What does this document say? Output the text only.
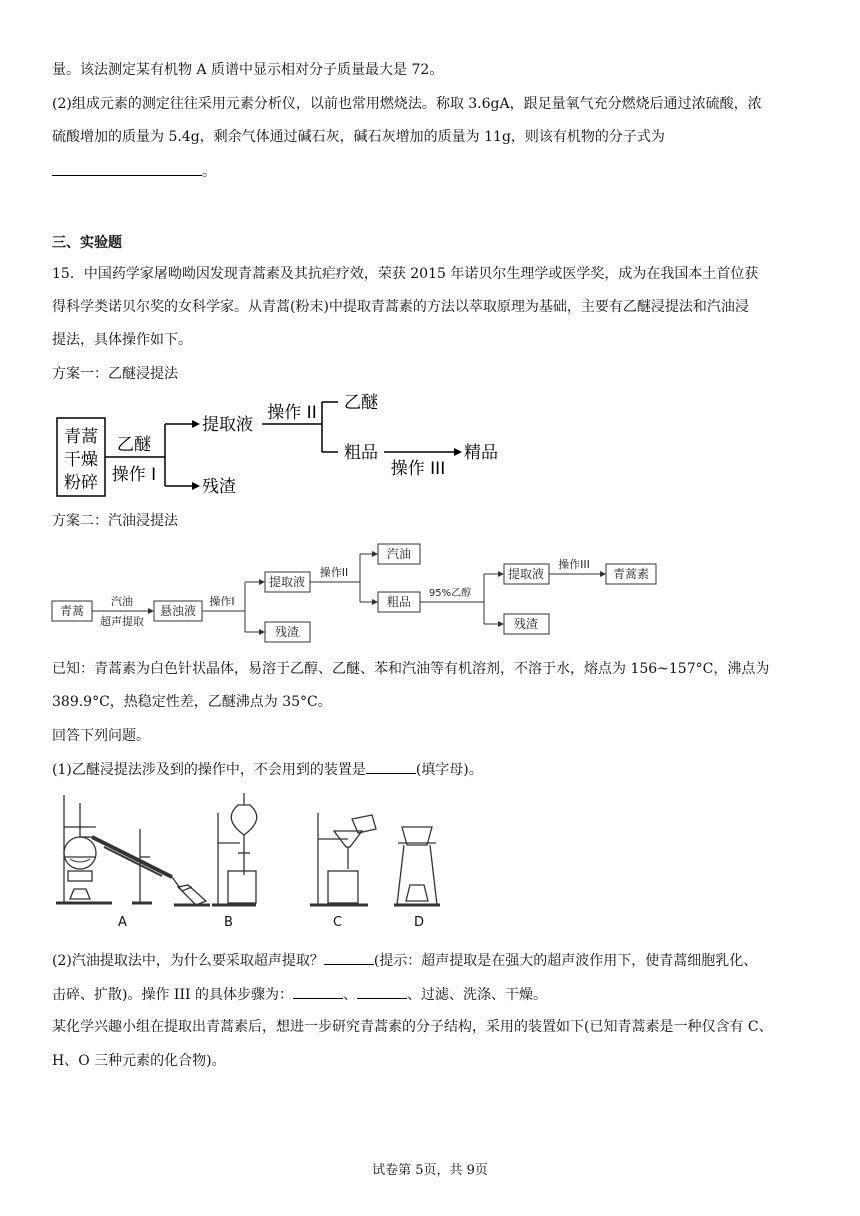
量。该法测定某有机物 A 质谱中显示相对分子质量最大是 72。
(2)组成元素的测定往往采用元素分析仪，以前也常用燃烧法。称取 3.6gA，跟足量氧气充分燃烧后通过浓硫酸，浓
硫酸增加的质量为 5.4g，剩余气体通过碱石灰，碱石灰增加的质量为 11g，则该有机物的分子式为
。
三、实验题
15．中国药学家屠呦呦因发现青蒿素及其抗疟疗效，荣获 2015 年诺贝尔生理学或医学奖，成为在我国本土首位获
得科学类诺贝尔奖的女科学家。从青蒿(粉末)中提取青蒿素的方法以萃取原理为基础，主要有乙醚浸提法和汽油浸
提法，具体操作如下。
方案一：乙醚浸提法
青蒿
干燥
粉碎
乙醚
操作 I
提取液
残渣
操作 II 乙醚
粗品
操作 III
精品
方案二：汽油浸提法
青蒿
汽油
超声提取
悬浊液
操作I
提取液
残渣
操作II
汽油
粗品
95%乙醇
提取液
残渣
操作III
青蒿素
已知：青蒿素为白色针状晶体，易溶于乙醇、乙醚、苯和汽油等有机溶剂，不溶于水，熔点为 156~157°C，沸点为
389.9°C，热稳定性差，乙醚沸点为 35°C。
回答下列问题。
(1)乙醚浸提法涉及到的操作中，不会用到的装置是	(填字母)。
A	B	C	D
(2)汽油提取法中，为什么要采取超声提取？	(提示：超声提取是在强大的超声波作用下，使青蒿细胞乳化、
击碎、扩散)。操作 III 的具体步骤为：	、	、过滤、洗涤、干燥。
某化学兴趣小组在提取出青蒿素后，想进一步研究青蒿素的分子结构，采用的装置如下(已知青蒿素是一种仅含有 C、
H、O 三种元素的化合物)。
试卷第 5页，共 9页
